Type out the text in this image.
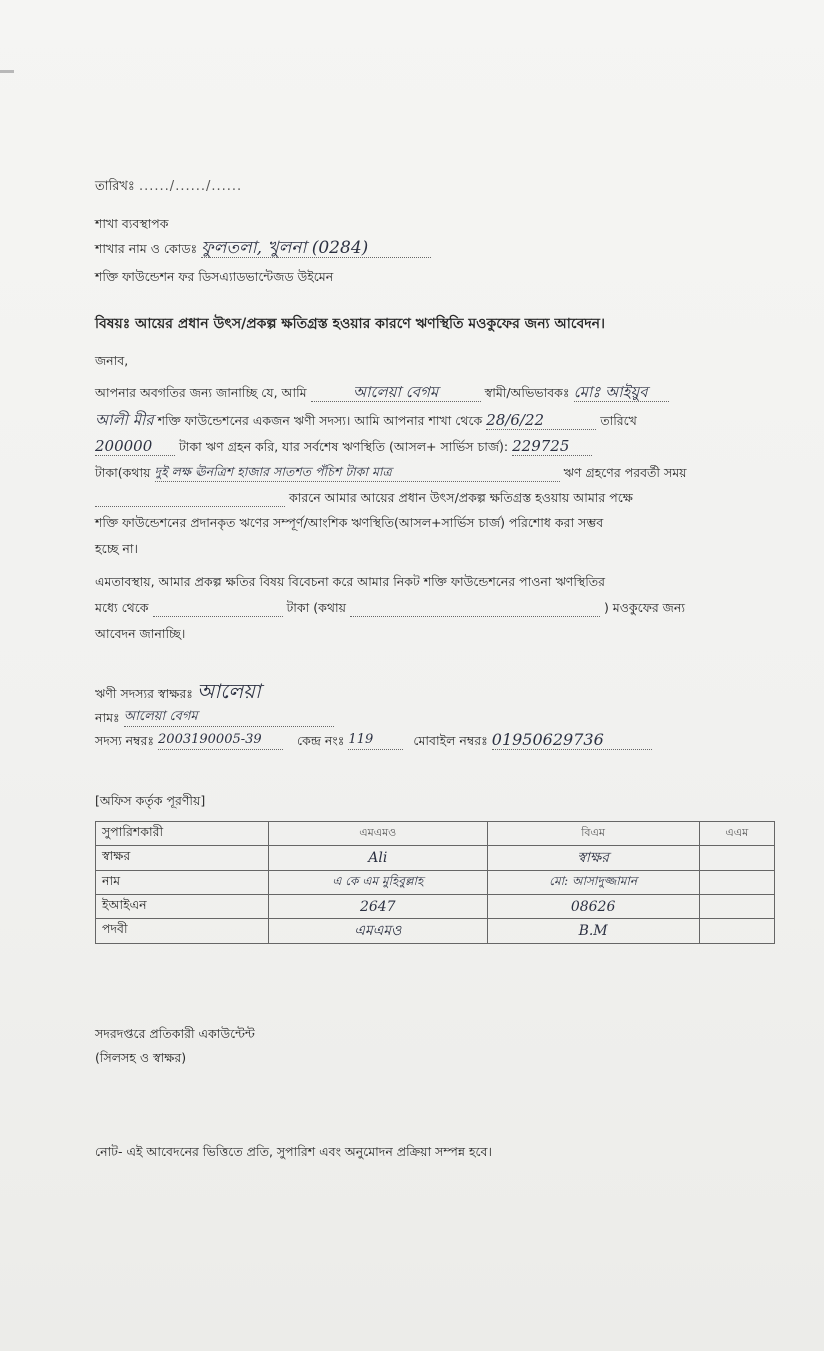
তারিখঃ ....../....../......
শাখা ব্যবস্থাপক
শাখার নাম ও কোডঃ ফুলতলা, খুলনা (0284)
শক্তি ফাউন্ডেশন ফর ডিসএ্যাডভান্টেজড উইমেন
বিষয়ঃ আয়ের প্রধান উৎস/প্রকল্প ক্ষতিগ্রস্ত হওয়ার কারণে ঋণস্থিতি মওকুফের জন্য আবেদন।
জনাব,
আপনার অবগতির জন্য জানাচ্ছি যে, আমি	আলেয়া বেগম	স্বামী/অভিভাবকঃ মোঃ আইয়ুব
আলী মীর শক্তি ফাউন্ডেশনের একজন ঋণী সদস্য। আমি আপনার শাখা থেকে 28/6/22	তারিখে
200000 টাকা ঋণ গ্রহন করি, যার সর্বশেষ ঋণস্থিতি (আসল+ সার্ভিস চার্জ): 229725
টাকা(কথায় দুই লক্ষ ঊনত্রিশ হাজার সাতশত পঁচিশ টাকা মাত্র	ঋণ গ্রহণের পরবর্তী সময়
কারনে আমার আয়ের প্রধান উৎস/প্রকল্প ক্ষতিগ্রস্ত হওয়ায় আমার পক্ষে
শক্তি ফাউন্ডেশনের প্রদানকৃত ঋণের সম্পূর্ণ/আংশিক ঋণস্থিতি(আসল+সার্ভিস চার্জ) পরিশোধ করা সম্ভব
হচ্ছে না।
এমতাবস্থায়, আমার প্রকল্প ক্ষতির বিষয় বিবেচনা করে আমার নিকট শক্তি ফাউন্ডেশনের পাওনা ঋণস্থিতির
মধ্যে থেকে	টাকা (কথায়	) মওকুফের জন্য
আবেদন জানাচ্ছি।
ঋণী সদস্যর স্বাক্ষরঃ আলেয়া
নামঃ আলেয়া বেগম
সদস্য নম্বরঃ 2003190005-39	কেন্দ্র নংঃ 119	মোবাইল নম্বরঃ 01950629736
[অফিস কর্তৃক পূরণীয়]
সুপারিশকারী	এমএমও	বিএম	এএম
স্বাক্ষর	Ali	স্বাক্ষর	
নাম	এ কে এম মুহিবুল্লাহ	মো: আসাদুজ্জামান	
ইআইএন	2647	08626	
পদবী	এমএমও	B.M	
সদরদপ্তরে প্রতিকারী একাউন্টেন্ট
(সিলসহ ও স্বাক্ষর)
নোট- এই আবেদনের ভিত্তিতে প্রতি, সুপারিশ এবং অনুমোদন প্রক্রিয়া সম্পন্ন হবে।
